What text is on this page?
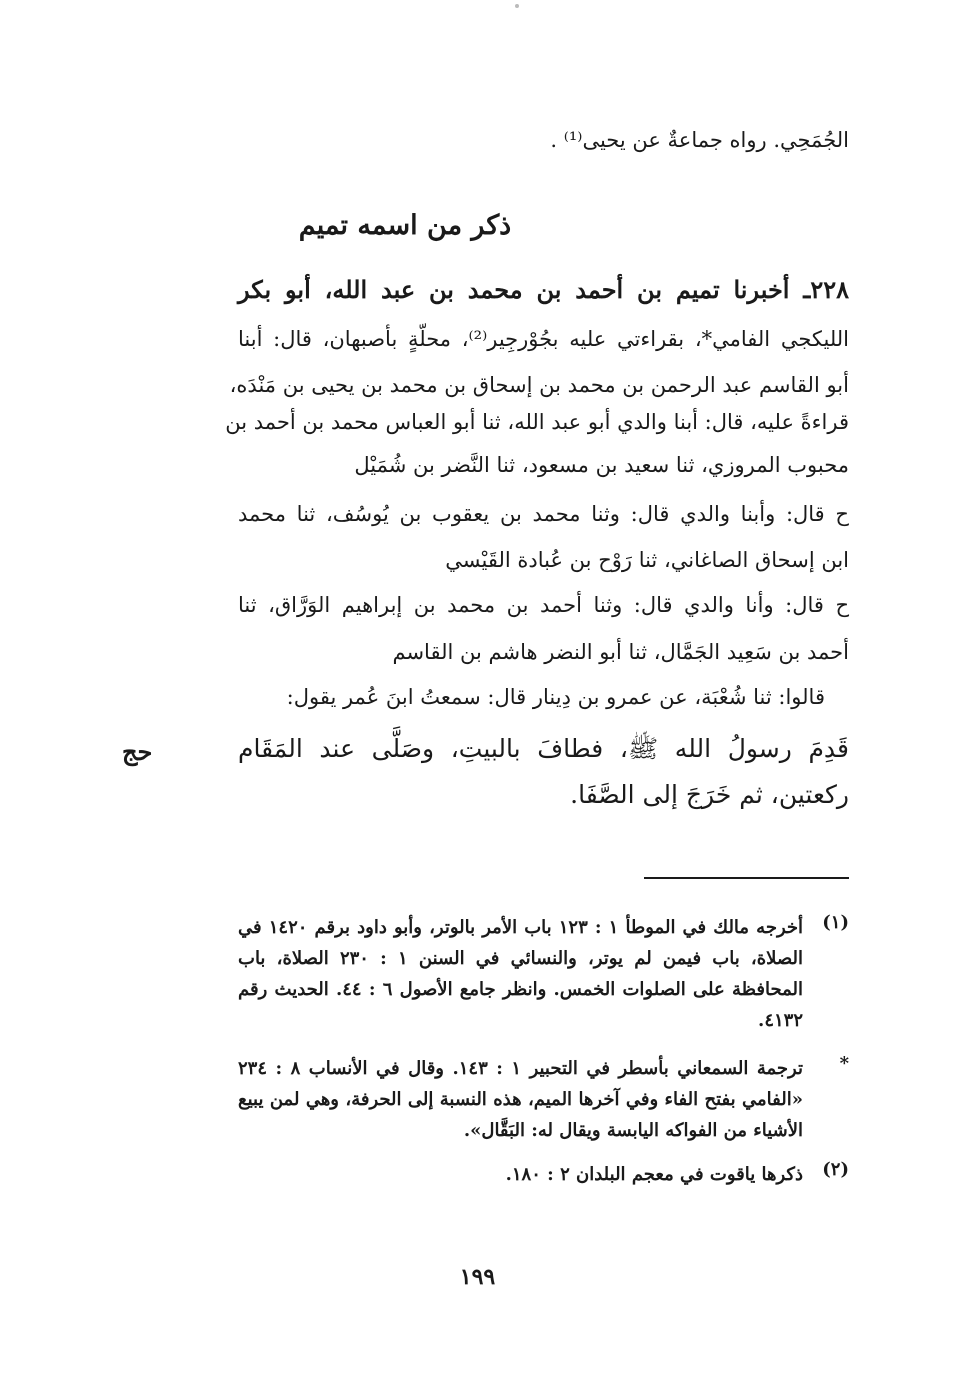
الجُمَحِي. رواه جماعةٌ عن يحيى⁽¹⁾ .
ذكر من اسمه تميم
٢٢٨ـ أخبرنا تميم بن أحمد بن محمد بن عبد الله، أبو بكر
الليكجي الفامي*، بقراءتي عليه بجُوْرجِير⁽²⁾، محلّةٍ بأصبهان، قال: أبنا
أبو القاسم عبد الرحمن بن محمد بن إسحاق بن محمد بن يحيى بن مَنْدَه،
قراءةً عليه، قال: أبنا والدي أبو عبد الله، ثنا أبو العباس محمد بن أحمد بن
محبوب المروزي، ثنا سعيد بن مسعود، ثنا النَّضر بن شُمَيْل
ح قال: وأبنا والدي قال: وثنا محمد بن يعقوب بن يُوسُف، ثنا محمد
ابن إسحاق الصاغاني، ثنا رَوْح بن عُبادة القَيْسي
ح قال: وأنا والدي قال: وثنا أحمد بن محمد بن إبراهيم الوَرَّاق، ثنا
أحمد بن سَعِيد الجَمَّال، ثنا أبو النضر هاشم بن القاسم
قالوا: ثنا شُعْبَة، عن عمرو بن دِينار قال: سمعتُ ابنَ عُمر يقول:
قَدِمَ رسولُ الله ﷺ، فطافَ بالبيتِ، وصَلَّى عند المَقَام
ركعتين، ثم خَرَجَ إلى الصَّفَا.
حج
(١)
أخرجه مالك في الموطأ ١ : ١٢٣ باب الأمر بالوتر، وأبو داود برقم ١٤٢٠ في الصلاة، باب فيمن لم يوتر، والنسائي في السنن ١ : ٢٣٠ الصلاة، باب المحافظة على الصلوات الخمس. وانظر جامع الأصول ٦ : ٤٤. الحديث رقم ٤١٣٢.
*
ترجمة السمعاني بأسطر في التحبير ١ : ١٤٣. وقال في الأنساب ٨ : ٢٣٤ «الفامي بفتح الفاء وفي آخرها الميم، هذه النسبة إلى الحرفة، وهي لمن يبيع الأشياء من الفواكه اليابسة ويقال له: البَقَّال».
(٢)
ذكرها ياقوت في معجم البلدان ٢ : ١٨٠.
١٩٩
